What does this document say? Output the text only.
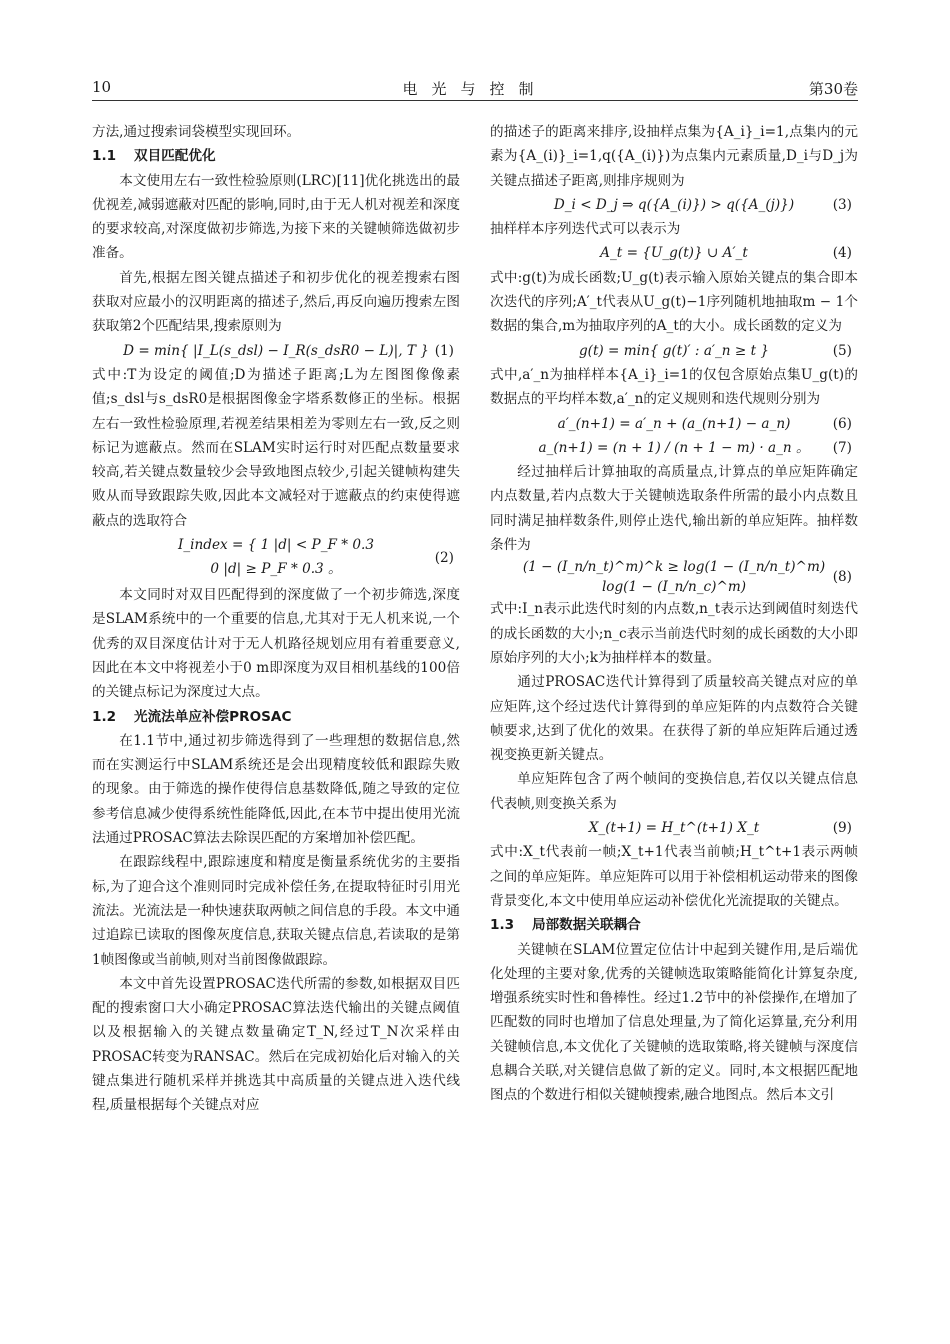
10	电光与控制	第30卷

方法,通过搜索词袋模型实现回环。

1.1 双目匹配优化

本文使用左右一致性检验原则(LRC)[11]优化挑选出的最优视差,减弱遮蔽对匹配的影响,同时,由于无人机对视差和深度的要求较高,对深度做初步筛选,为接下来的关键帧筛选做初步准备。

首先,根据左图关键点描述子和初步优化的视差搜索右图获取对应最小的汉明距离的描述子,然后,再反向遍历搜索左图获取第2个匹配结果,搜索原则为

D = min{ |I_L(s_dsl) − I_R(s_dsR0 − L)|, T } (1)

式中:T为设定的阈值;D为描述子距离;L为左图图像像素值;s_dsl与s_dsR0是根据图像金字塔系数修正的坐标。根据左右一致性检验原理,若视差结果相差为零则左右一致,反之则标记为遮蔽点。然而在SLAM实时运行时对匹配点数量要求较高,若关键点数量较少会导致地图点较少,引起关键帧构建失败从而导致跟踪失败,因此本文减轻对于遮蔽点的约束使得遮蔽点的选取符合

I_index = { 1 |d| < P_F * 0.3
0 |d| ≥ P_F * 0.3 。
(2)

本文同时对双目匹配得到的深度做了一个初步筛选,深度是SLAM系统中的一个重要的信息,尤其对于无人机来说,一个优秀的双目深度估计对于无人机路径规划应用有着重要意义,因此在本文中将视差小于0 m即深度为双目相机基线的100倍的关键点标记为深度过大点。

1.2 光流法单应补偿PROSAC

在1.1节中,通过初步筛选得到了一些理想的数据信息,然而在实测运行中SLAM系统还是会出现精度较低和跟踪失败的现象。由于筛选的操作使得信息基数降低,随之导致的定位参考信息减少使得系统性能降低,因此,在本节中提出使用光流法通过PROSAC算法去除误匹配的方案增加补偿匹配。

在跟踪线程中,跟踪速度和精度是衡量系统优劣的主要指标,为了迎合这个准则同时完成补偿任务,在提取特征时引用光流法。光流法是一种快速获取两帧之间信息的手段。本文中通过追踪已读取的图像灰度信息,获取关键点信息,若读取的是第1帧图像或当前帧,则对当前图像做跟踪。

本文中首先设置PROSAC迭代所需的参数,如根据双目匹配的搜索窗口大小确定PROSAC算法迭代输出的关键点阈值以及根据输入的关键点数量确定T_N,经过T_N次采样由PROSAC转变为RANSAC。然后在完成初始化后对输入的关键点集进行随机采样并挑选其中高质量的关键点进入迭代线程,质量根据每个关键点对应

的描述子的距离来排序,设抽样点集为{A_i}_i=1,点集内的元素为{A_(i)}_i=1,q({A_(i)})为点集内元素质量,D_i与D_j为关键点描述子距离,则排序规则为

D_i < D_j ⇒ q({A_(i)}) > q({A_(j)})	(3)

抽样样本序列迭代式可以表示为

A_t = {U_g(t)} ∪ A′_t	(4)

式中:g(t)为成长函数;U_g(t)表示输入原始关键点的集合即本次迭代的序列;A′_t代表从U_g(t)−1序列随机地抽取m − 1个数据的集合,m为抽取序列的A_t的大小。成长函数的定义为

g(t) = min{ g(t)′ : a′_n ≥ t }	(5)

式中,a′_n为抽样样本{A_i}_i=1的仅包含原始点集U_g(t)的数据点的平均样本数,a′_n的定义规则和迭代规则分别为

a′_(n+1) = a′_n + (a_(n+1) − a_n)	(6)

a_(n+1) = (n + 1) / (n + 1 − m) · a_n 。 (7)

经过抽样后计算抽取的高质量点,计算点的单应矩阵确定内点数量,若内点数大于关键帧选取条件所需的最小内点数且同时满足抽样数条件,则停止迭代,输出新的单应矩阵。抽样数条件为

(1 − (I_n/n_t)^m)^k ≥ log(1 − (I_n/n_t)^m)
log(1 − (I_n/n_c)^m)
(8)

式中:I_n表示此迭代时刻的内点数,n_t表示达到阈值时刻迭代的成长函数的大小;n_c表示当前迭代时刻的成长函数的大小即原始序列的大小;k为抽样样本的数量。

通过PROSAC迭代计算得到了质量较高关键点对应的单应矩阵,这个经过迭代计算得到的单应矩阵的内点数符合关键帧要求,达到了优化的效果。在获得了新的单应矩阵后通过透视变换更新关键点。

单应矩阵包含了两个帧间的变换信息,若仅以关键点信息代表帧,则变换关系为

X_(t+1) = H_t^(t+1) X_t	(9)

式中:X_t代表前一帧;X_t+1代表当前帧;H_t^t+1表示两帧之间的单应矩阵。单应矩阵可以用于补偿相机运动带来的图像背景变化,本文中使用单应运动补偿优化光流提取的关键点。

1.3 局部数据关联耦合

关键帧在SLAM位置定位估计中起到关键作用,是后端优化处理的主要对象,优秀的关键帧选取策略能简化计算复杂度,增强系统实时性和鲁棒性。经过1.2节中的补偿操作,在增加了匹配数的同时也增加了信息处理量,为了简化运算量,充分利用关键帧信息,本文优化了关键帧的选取策略,将关键帧与深度信息耦合关联,对关键信息做了新的定义。同时,本文根据匹配地图点的个数进行相似关键帧搜索,融合地图点。然后本文引
